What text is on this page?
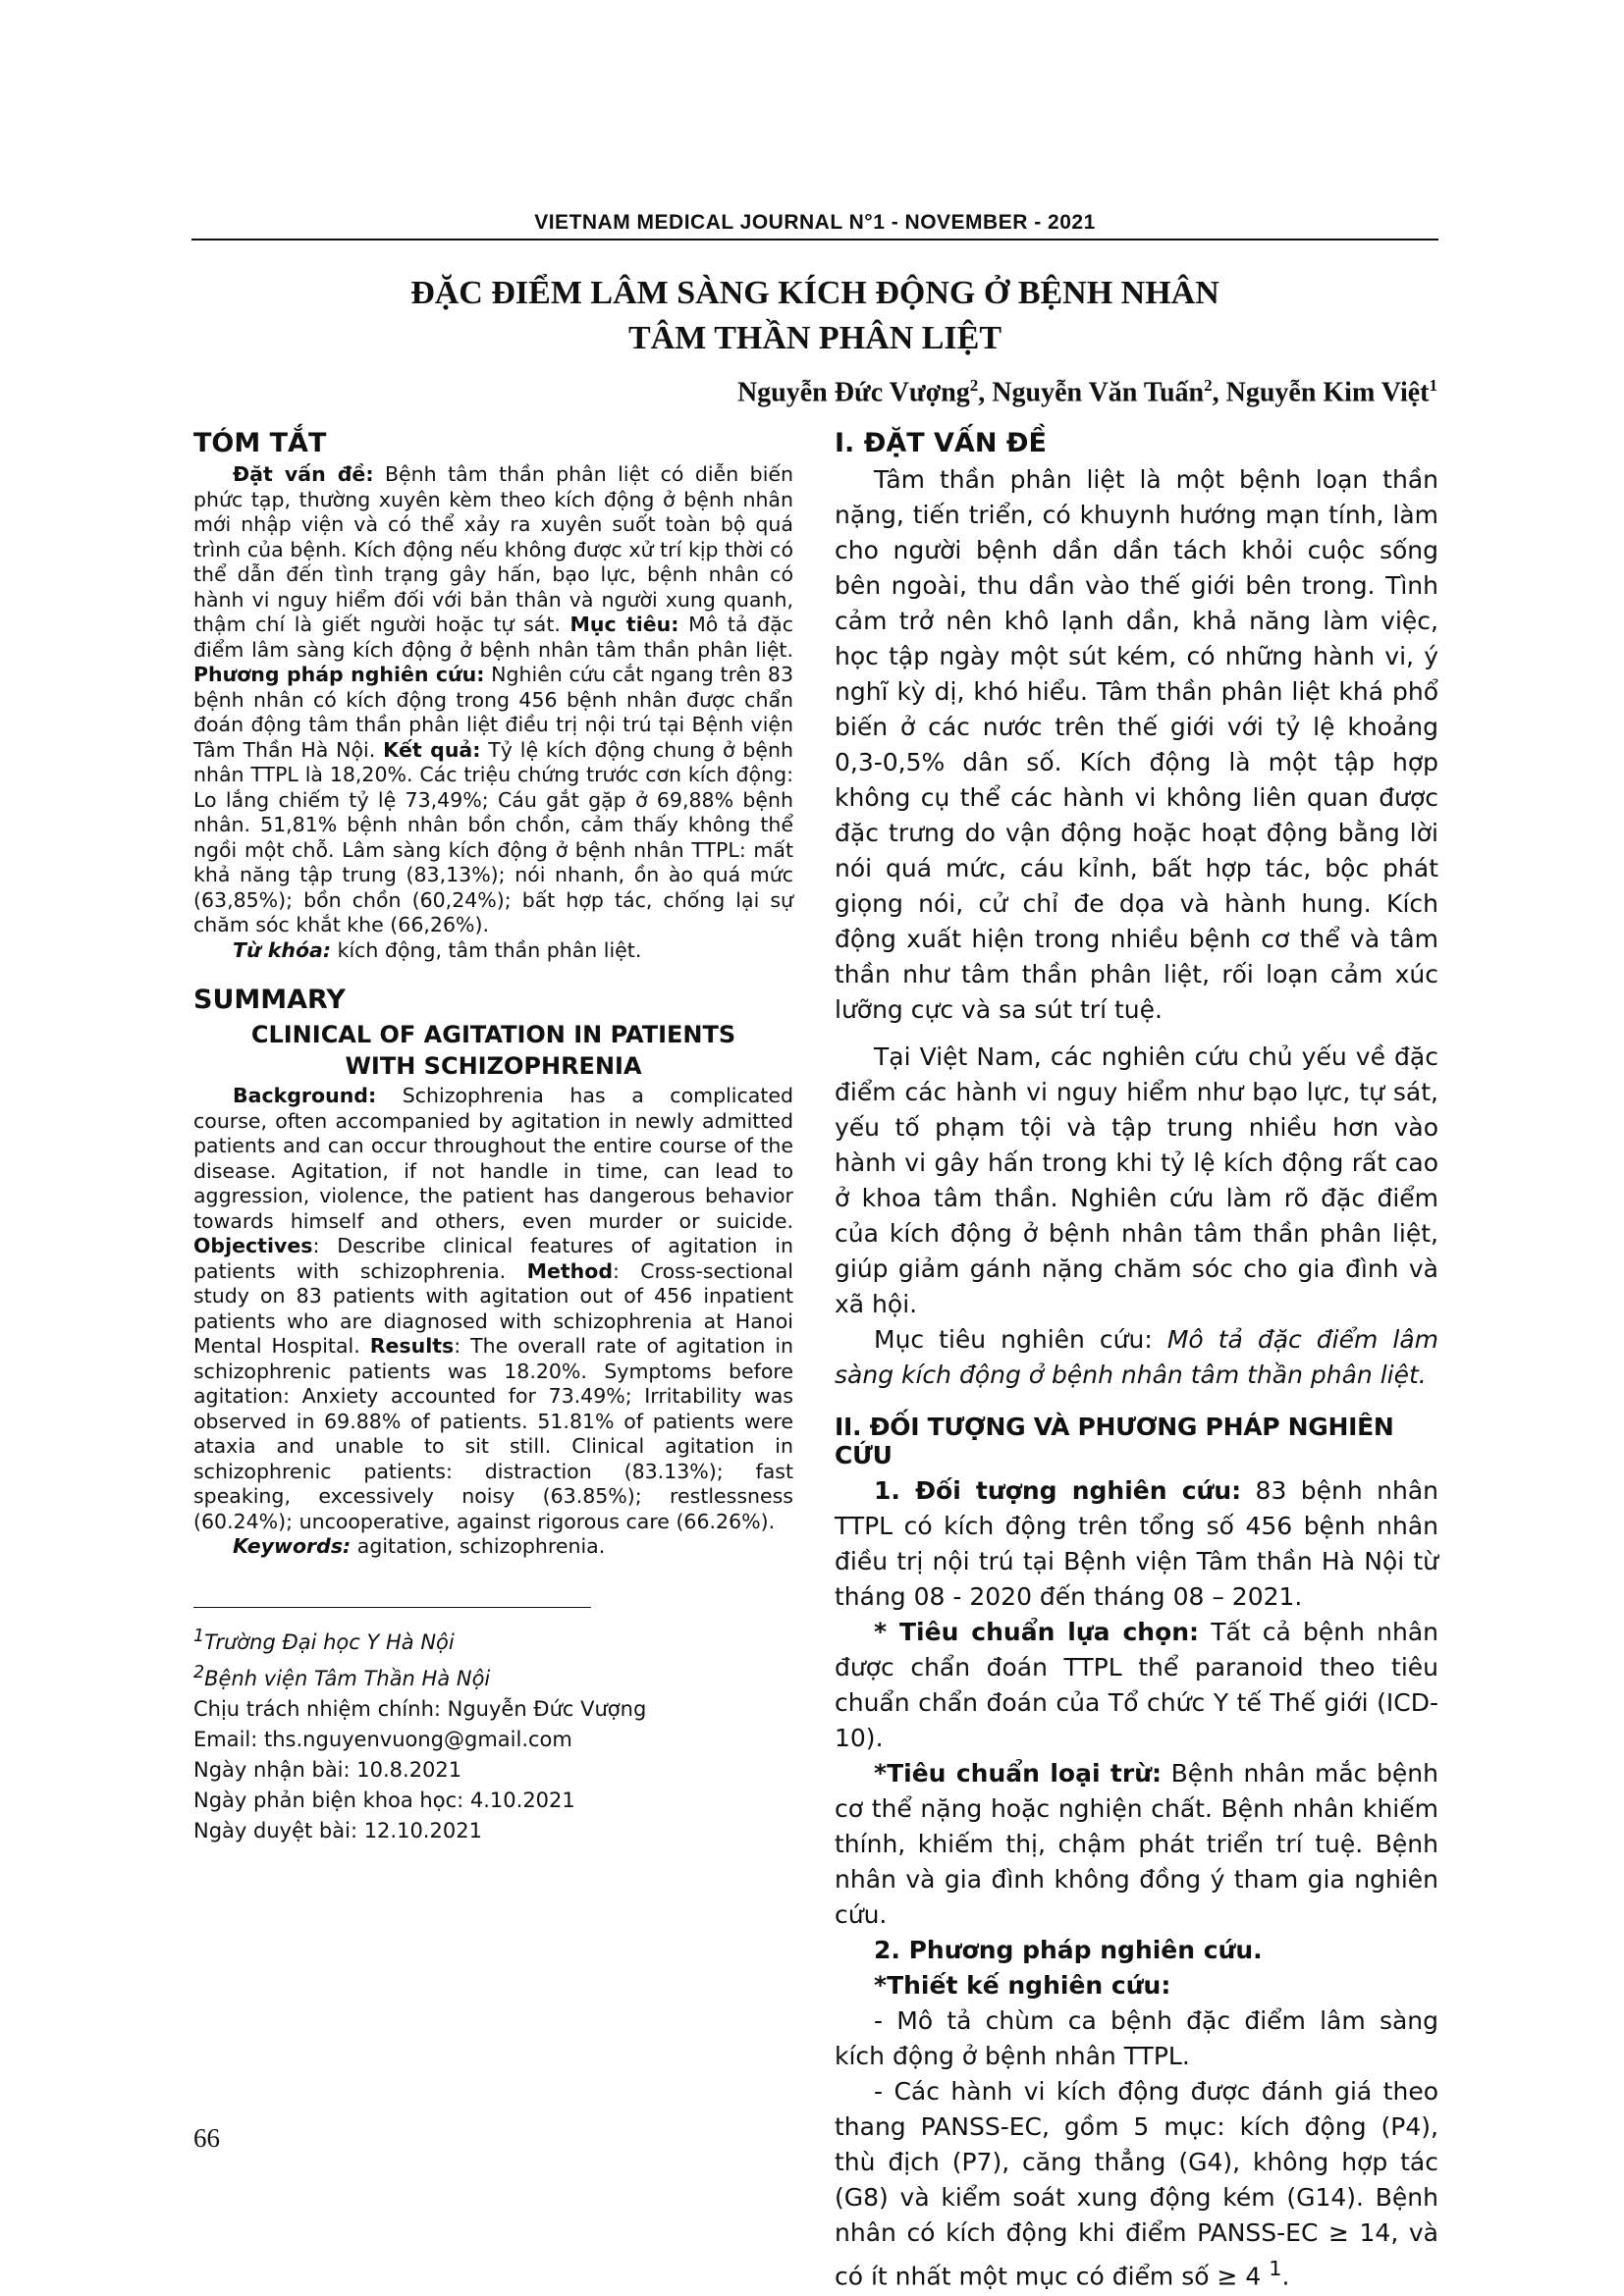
VIETNAM MEDICAL JOURNAL N°1 - NOVEMBER - 2021
ĐẶC ĐIỂM LÂM SÀNG KÍCH ĐỘNG Ở BỆNH NHÂN
TÂM THẦN PHÂN LIỆT
Nguyễn Đức Vượng$^2$, Nguyễn Văn Tuấn$^2$, Nguyễn Kim Việt$^1$
TÓM TẮT

Đặt vấn đề: Bệnh tâm thần phân liệt có diễn biến phức tạp, thường xuyên kèm theo kích động ở bệnh nhân mới nhập viện và có thể xảy ra xuyên suốt toàn bộ quá trình của bệnh. Kích động nếu không được xử trí kịp thời có thể dẫn đến tình trạng gây hấn, bạo lực, bệnh nhân có hành vi nguy hiểm đối với bản thân và người xung quanh, thậm chí là giết người hoặc tự sát. Mục tiêu: Mô tả đặc điểm lâm sàng kích động ở bệnh nhân tâm thần phân liệt. Phương pháp nghiên cứu: Nghiên cứu cắt ngang trên 83 bệnh nhân có kích động trong 456 bệnh nhân được chẩn đoán động tâm thần phân liệt điều trị nội trú tại Bệnh viện Tâm Thần Hà Nội. Kết quả: Tỷ lệ kích động chung ở bệnh nhân TTPL là 18,20%. Các triệu chứng trước cơn kích động: Lo lắng chiếm tỷ lệ 73,49%; Cáu gắt gặp ở 69,88% bệnh nhân. 51,81% bệnh nhân bồn chồn, cảm thấy không thể ngồi một chỗ. Lâm sàng kích động ở bệnh nhân TTPL: mất khả năng tập trung (83,13%); nói nhanh, ồn ào quá mức (63,85%); bồn chồn (60,24%); bất hợp tác, chống lại sự chăm sóc khắt khe (66,26%).

Từ khóa: kích động, tâm thần phân liệt.

SUMMARY
CLINICAL OF AGITATION IN PATIENTS
WITH SCHIZOPHRENIA

Background: Schizophrenia has a complicated course, often accompanied by agitation in newly admitted patients and can occur throughout the entire course of the disease. Agitation, if not handle in time, can lead to aggression, violence, the patient has dangerous behavior towards himself and others, even murder or suicide. Objectives: Describe clinical features of agitation in patients with schizophrenia. Method: Cross-sectional study on 83 patients with agitation out of 456 inpatient patients who are diagnosed with schizophrenia at Hanoi Mental Hospital. Results: The overall rate of agitation in schizophrenic patients was 18.20%. Symptoms before agitation: Anxiety accounted for 73.49%; Irritability was observed in 69.88% of patients. 51.81% of patients were ataxia and unable to sit still. Clinical agitation in schizophrenic patients: distraction (83.13%); fast speaking, excessively noisy (63.85%); restlessness (60.24%); uncooperative, against rigorous care (66.26%).

Keywords: agitation, schizophrenia.

$^1$Trường Đại học Y Hà Nội
$^2$Bệnh viện Tâm Thần Hà Nội
Chịu trách nhiệm chính: Nguyễn Đức Vượng
Email: ths.nguyenvuong@gmail.com
Ngày nhận bài: 10.8.2021
Ngày phản biện khoa học: 4.10.2021
Ngày duyệt bài: 12.10.2021
I. ĐẶT VẤN ĐỀ

Tâm thần phân liệt là một bệnh loạn thần nặng, tiến triển, có khuynh hướng mạn tính, làm cho người bệnh dần dần tách khỏi cuộc sống bên ngoài, thu dần vào thế giới bên trong. Tình cảm trở nên khô lạnh dần, khả năng làm việc, học tập ngày một sút kém, có những hành vi, ý nghĩ kỳ dị, khó hiểu. Tâm thần phân liệt khá phổ biến ở các nước trên thế giới với tỷ lệ khoảng 0,3-0,5% dân số. Kích động là một tập hợp không cụ thể các hành vi không liên quan được đặc trưng do vận động hoặc hoạt động bằng lời nói quá mức, cáu kỉnh, bất hợp tác, bộc phát giọng nói, cử chỉ đe dọa và hành hung. Kích động xuất hiện trong nhiều bệnh cơ thể và tâm thần như tâm thần phân liệt, rối loạn cảm xúc lưỡng cực và sa sút trí tuệ.

Tại Việt Nam, các nghiên cứu chủ yếu về đặc điểm các hành vi nguy hiểm như bạo lực, tự sát, yếu tố phạm tội và tập trung nhiều hơn vào hành vi gây hấn trong khi tỷ lệ kích động rất cao ở khoa tâm thần. Nghiên cứu làm rõ đặc điểm của kích động ở bệnh nhân tâm thần phân liệt, giúp giảm gánh nặng chăm sóc cho gia đình và xã hội.

Mục tiêu nghiên cứu: Mô tả đặc điểm lâm sàng kích động ở bệnh nhân tâm thần phân liệt.

II. ĐỐI TƯỢNG VÀ PHƯƠNG PHÁP NGHIÊN CỨU

1. Đối tượng nghiên cứu: 83 bệnh nhân TTPL có kích động trên tổng số 456 bệnh nhân điều trị nội trú tại Bệnh viện Tâm thần Hà Nội từ tháng 08 - 2020 đến tháng 08 – 2021.

* Tiêu chuẩn lựa chọn: Tất cả bệnh nhân được chẩn đoán TTPL thể paranoid theo tiêu chuẩn chẩn đoán của Tổ chức Y tế Thế giới (ICD-10).

*Tiêu chuẩn loại trừ: Bệnh nhân mắc bệnh cơ thể nặng hoặc nghiện chất. Bệnh nhân khiếm thính, khiếm thị, chậm phát triển trí tuệ. Bệnh nhân và gia đình không đồng ý tham gia nghiên cứu.

2. Phương pháp nghiên cứu.

*Thiết kế nghiên cứu:

- Mô tả chùm ca bệnh đặc điểm lâm sàng kích động ở bệnh nhân TTPL.

- Các hành vi kích động được đánh giá theo thang PANSS-EC, gồm 5 mục: kích động (P4), thù địch (P7), căng thẳng (G4), không hợp tác (G8) và kiểm soát xung động kém (G14). Bệnh nhân có kích động khi điểm PANSS-EC ≥ 14, và có ít nhất một mục có điểm số ≥ 4 $^1$.

66
